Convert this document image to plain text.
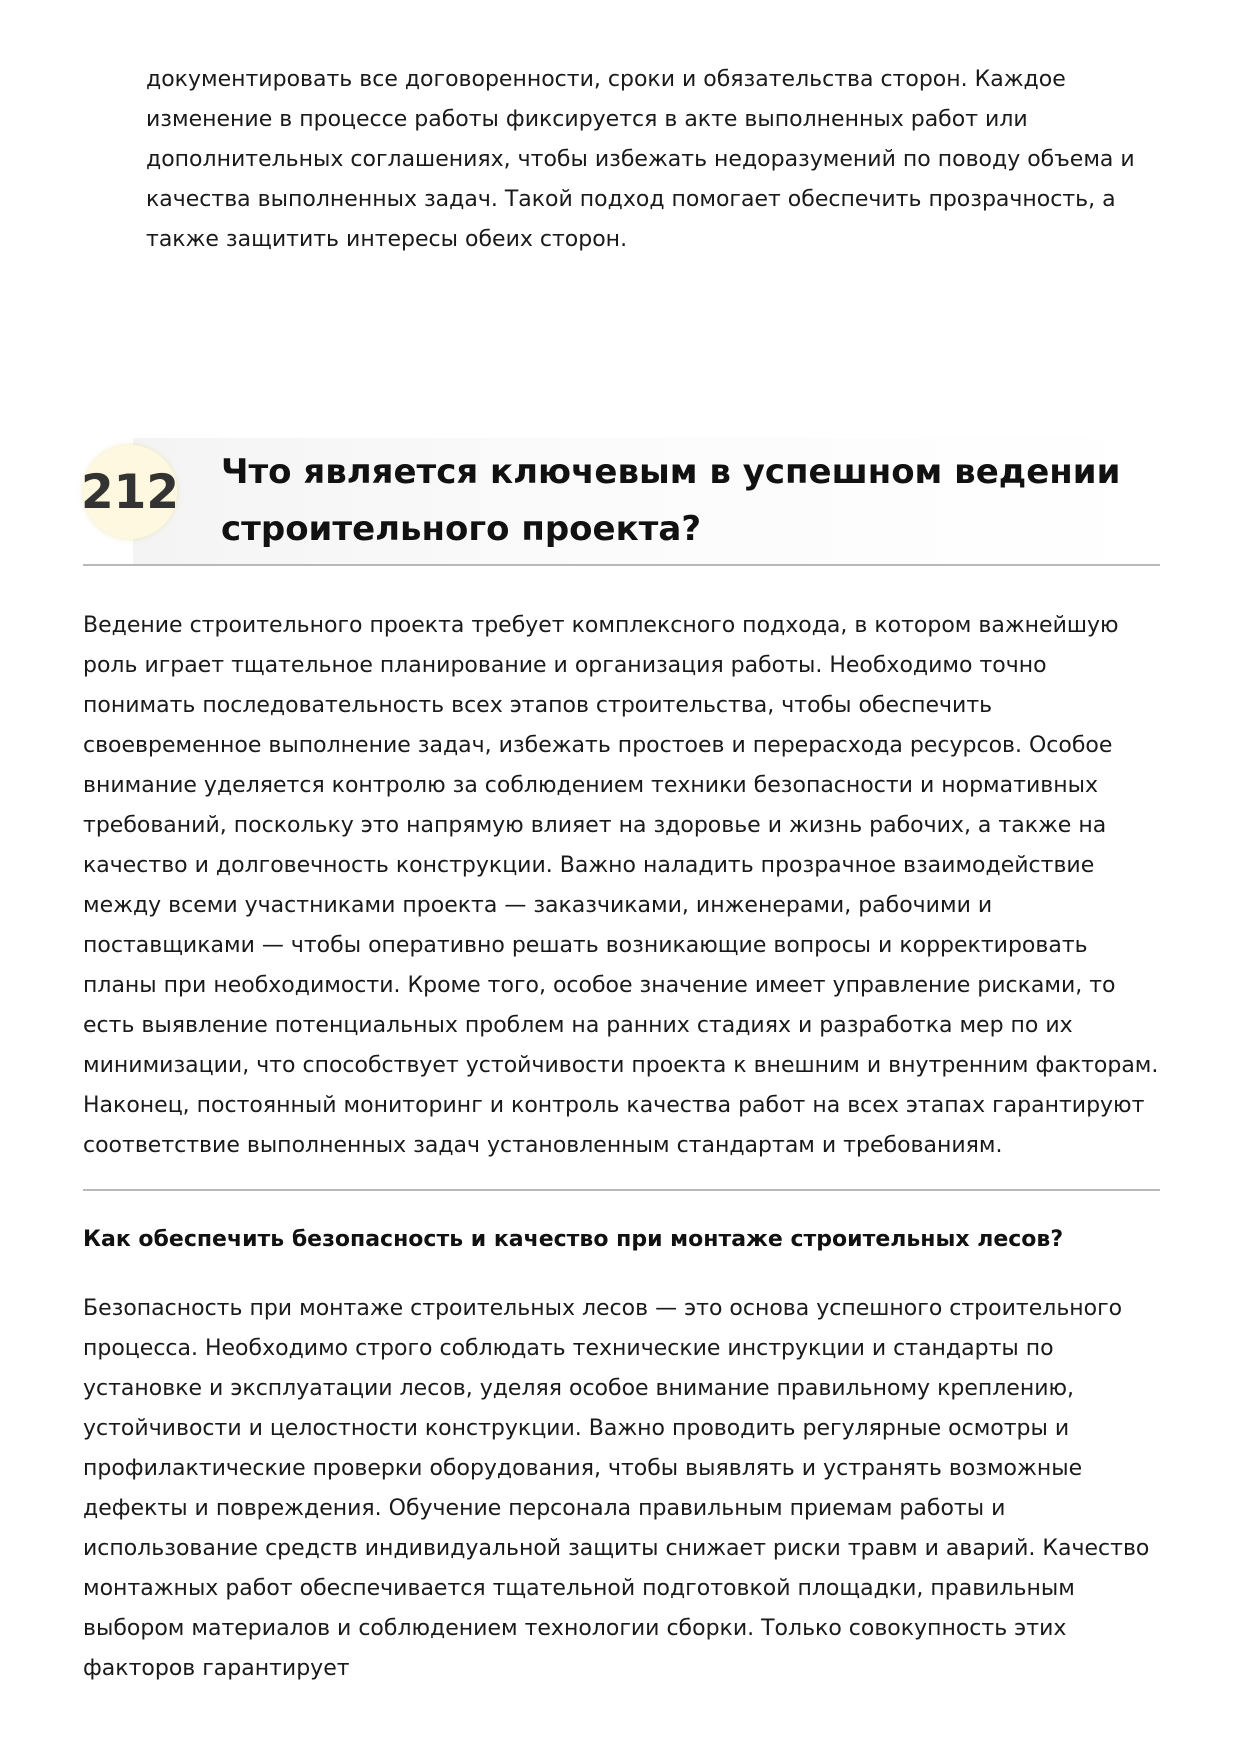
документировать все договоренности, сроки и обязательства сторон. Каждое изменение в процессе работы фиксируется в акте выполненных работ или дополнительных соглашениях, чтобы избежать недоразумений по поводу объема и качества выполненных задач. Такой подход помогает обеспечить прозрачность, а также защитить интересы обеих сторон.

212 Что является ключевым в успешном ведении строительного проекта?

Ведение строительного проекта требует комплексного подхода, в котором важнейшую роль играет тщательное планирование и организация работы. Необходимо точно понимать последовательность всех этапов строительства, чтобы обеспечить своевременное выполнение задач, избежать простоев и перерасхода ресурсов. Особое внимание уделяется контролю за соблюдением техники безопасности и нормативных требований, поскольку это напрямую влияет на здоровье и жизнь рабочих, а также на качество и долговечность конструкции. Важно наладить прозрачное взаимодействие между всеми участниками проекта — заказчиками, инженерами, рабочими и поставщиками — чтобы оперативно решать возникающие вопросы и корректировать планы при необходимости. Кроме того, особое значение имеет управление рисками, то есть выявление потенциальных проблем на ранних стадиях и разработка мер по их минимизации, что способствует устойчивости проекта к внешним и внутренним факторам. Наконец, постоянный мониторинг и контроль качества работ на всех этапах гарантируют соответствие выполненных задач установленным стандартам и требованиям.

Как обеспечить безопасность и качество при монтаже строительных лесов?

Безопасность при монтаже строительных лесов — это основа успешного строительного процесса. Необходимо строго соблюдать технические инструкции и стандарты по установке и эксплуатации лесов, уделяя особое внимание правильному креплению, устойчивости и целостности конструкции. Важно проводить регулярные осмотры и профилактические проверки оборудования, чтобы выявлять и устранять возможные дефекты и повреждения. Обучение персонала правильным приемам работы и использование средств индивидуальной защиты снижает риски травм и аварий. Качество монтажных работ обеспечивается тщательной подготовкой площадки, правильным выбором материалов и соблюдением технологии сборки. Только совокупность этих факторов гарантирует
